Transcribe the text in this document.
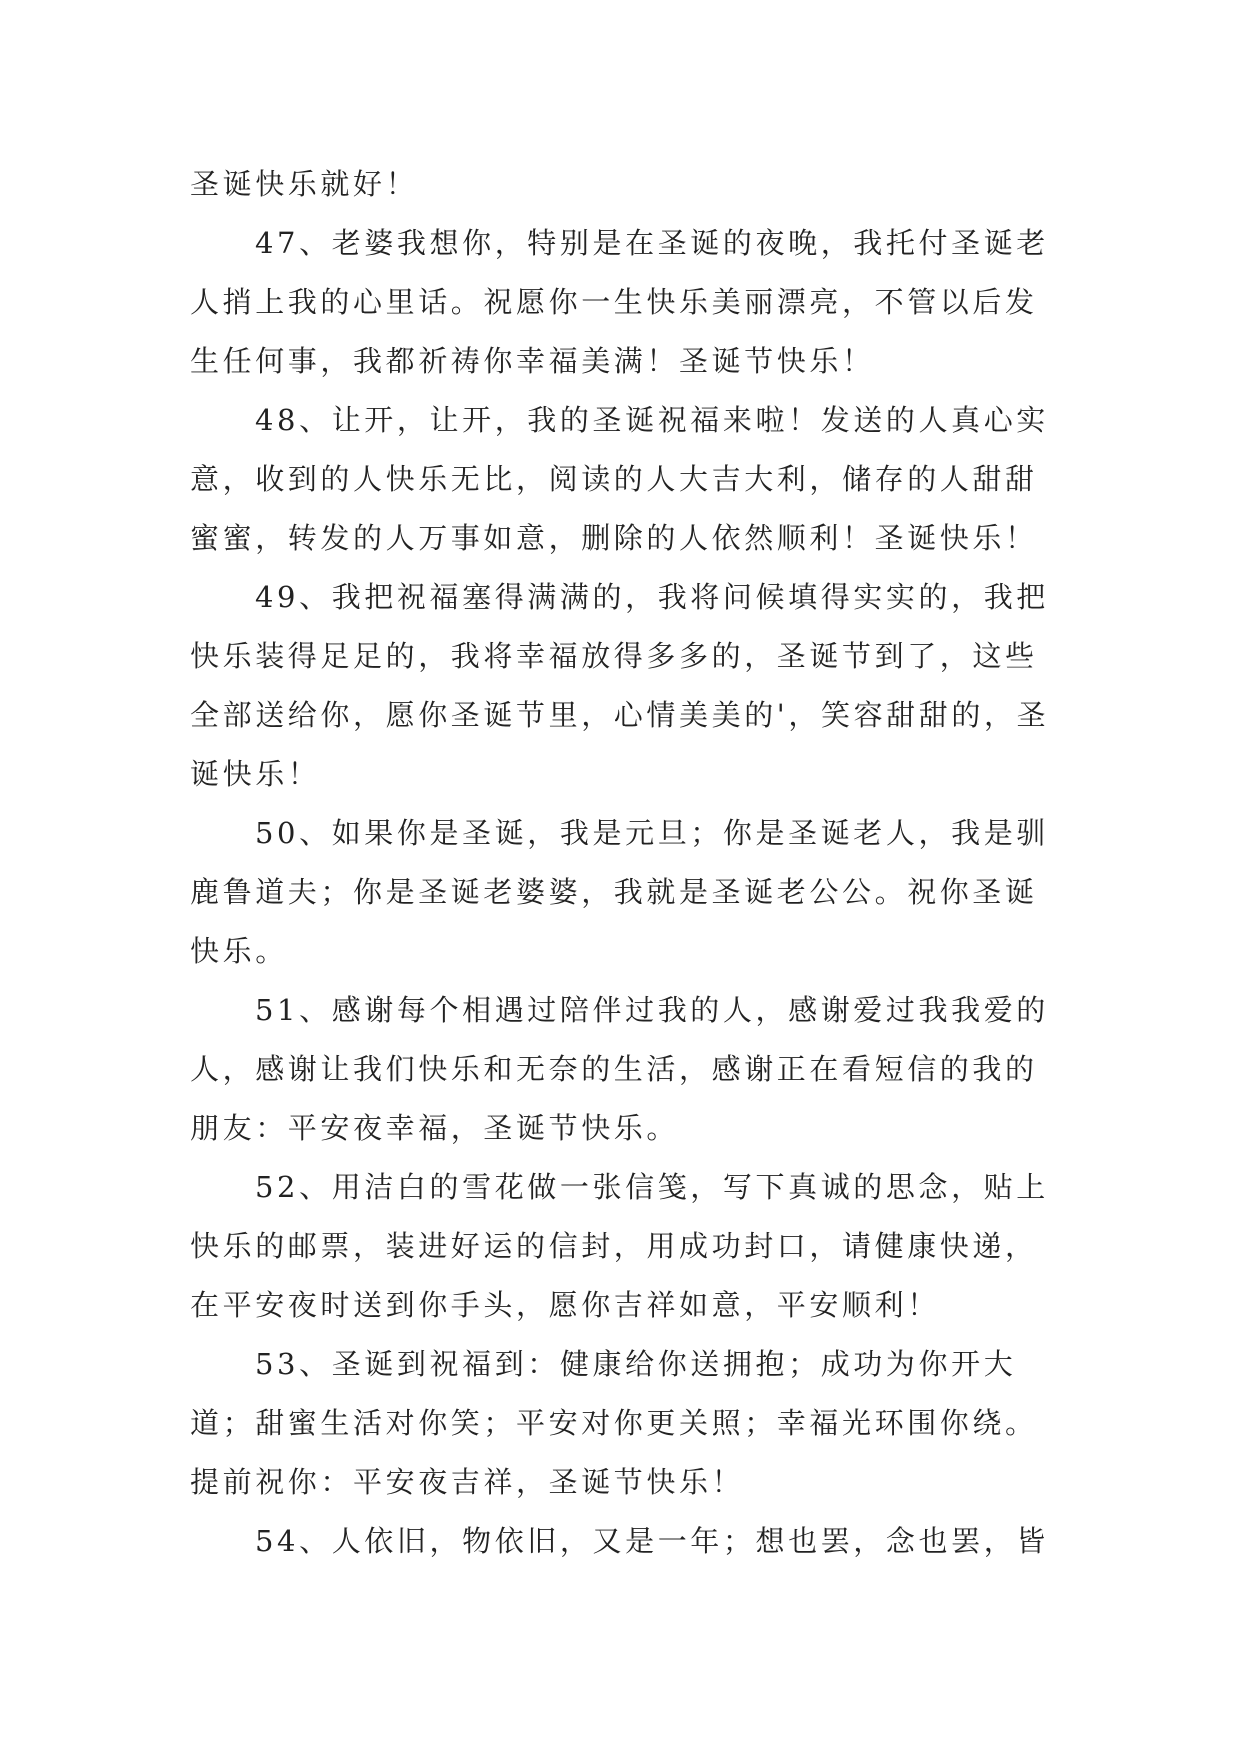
圣诞快乐就好！

47、老婆我想你，特别是在圣诞的夜晚，我托付圣诞老人捎上我的心里话。祝愿你一生快乐美丽漂亮，不管以后发生任何事，我都祈祷你幸福美满！圣诞节快乐！

48、让开，让开，我的圣诞祝福来啦！发送的人真心实意，收到的人快乐无比，阅读的人大吉大利，储存的人甜甜蜜蜜，转发的人万事如意，删除的人依然顺利！圣诞快乐！

49、我把祝福塞得满满的，我将问候填得实实的，我把快乐装得足足的，我将幸福放得多多的，圣诞节到了，这些全部送给你，愿你圣诞节里，心情美美的'，笑容甜甜的，圣诞快乐！

50、如果你是圣诞，我是元旦；你是圣诞老人，我是驯鹿鲁道夫；你是圣诞老婆婆，我就是圣诞老公公。祝你圣诞快乐。

51、感谢每个相遇过陪伴过我的人，感谢爱过我我爱的人，感谢让我们快乐和无奈的生活，感谢正在看短信的我的朋友：平安夜幸福，圣诞节快乐。

52、用洁白的雪花做一张信笺，写下真诚的思念，贴上快乐的邮票，装进好运的信封，用成功封口，请健康快递，在平安夜时送到你手头，愿你吉祥如意，平安顺利！

53、圣诞到祝福到：健康给你送拥抱；成功为你开大道；甜蜜生活对你笑；平安对你更关照；幸福光环围你绕。提前祝你：平安夜吉祥，圣诞节快乐！

54、人依旧，物依旧，又是一年；想也罢，念也罢，皆
